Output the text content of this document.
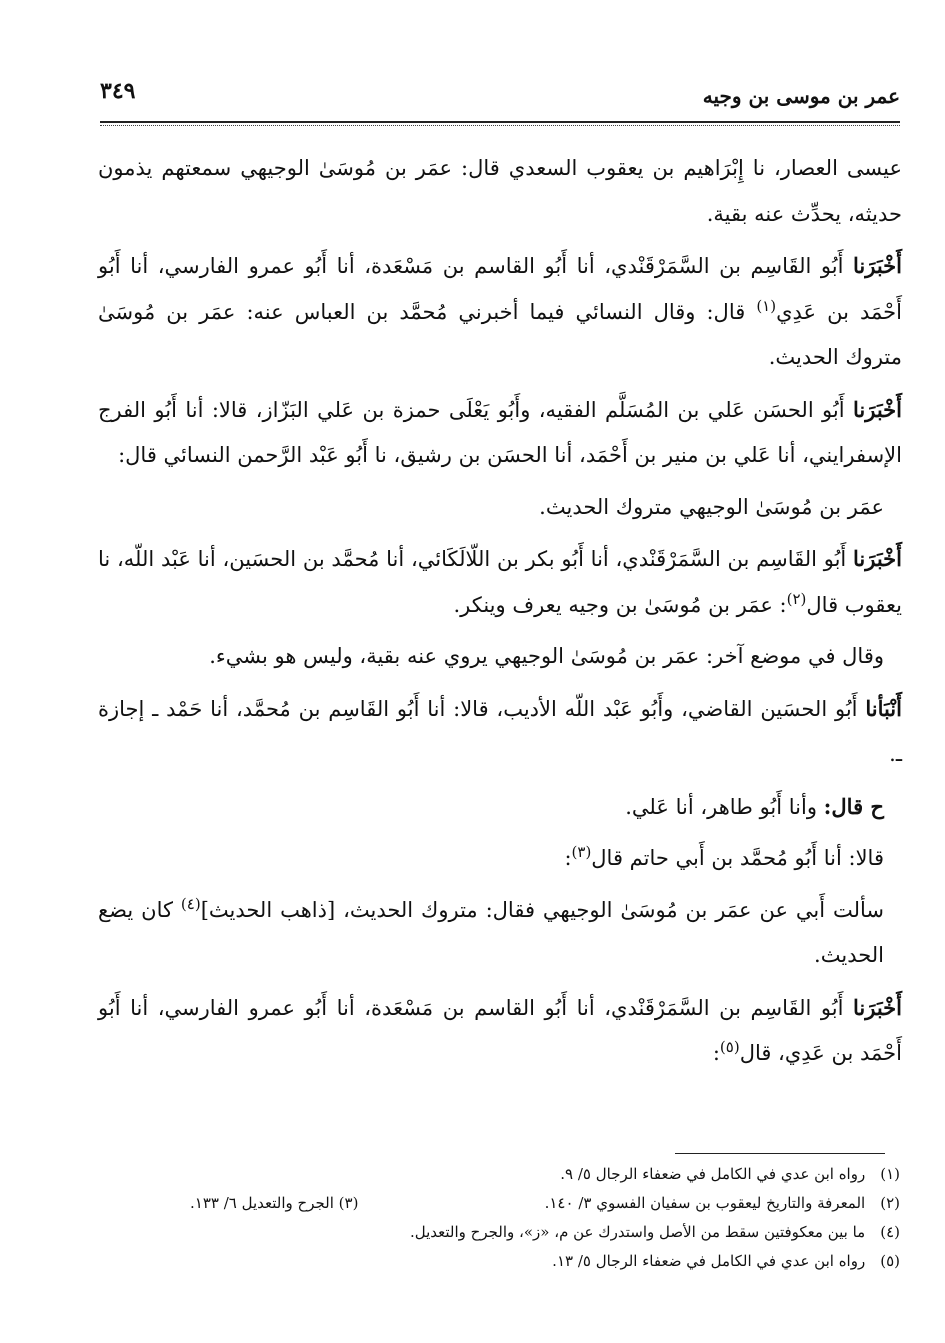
عمر بن موسى بن وجيه
٣٤٩

عيسى العصار، نا إِبْرَاهيم بن يعقوب السعدي قال: عمَر بن مُوسَىٰ الوجيهي سمعتهم يذمون حديثه، يحدِّث عنه بقية.

أَخْبَرَنا أَبُو القَاسِم بن السَّمَرْقَنْدي، أنا أَبُو القاسم بن مَسْعَدة، أنا أَبُو عمرو الفارسي، أنا أَبُو أَحْمَد بن عَدِي$^{(١)}$ قال: وقال النسائي فيما أخبرني مُحمَّد بن العباس عنه: عمَر بن مُوسَىٰ متروك الحديث.

أَخْبَرَنا أَبُو الحسَن عَلي بن المُسَلَّم الفقيه، وأَبُو يَعْلَى حمزة بن عَلي البَزّاز، قالا: أنا أَبُو الفرج الإسفرايني، أنا عَلي بن منير بن أَحْمَد، أنا الحسَن بن رشيق، نا أَبُو عَبْد الرَّحمن النسائي قال:

عمَر بن مُوسَىٰ الوجيهي متروك الحديث.

أَخْبَرَنا أَبُو القَاسِم بن السَّمَرْقَنْدي، أنا أَبُو بكر بن اللّالَكَائي، أنا مُحمَّد بن الحسَين، أنا عَبْد اللّه، نا يعقوب قال$^{(٢)}$: عمَر بن مُوسَىٰ بن وجيه يعرف وينكر.

وقال في موضع آخر: عمَر بن مُوسَىٰ الوجيهي يروي عنه بقية، وليس هو بشيء.

أَنْبَأنا أَبُو الحسَين القاضي، وأَبُو عَبْد اللّه الأديب، قالا: أنا أَبُو القَاسِم بن مُحمَّد، أنا حَمْد ـ إجازة ـ.

ح قال: وأنا أَبُو طاهر، أنا عَلي.

قالا: أنا أَبُو مُحمَّد بن أَبي حاتم قال$^{(٣)}$:

سألت أَبي عن عمَر بن مُوسَىٰ الوجيهي فقال: متروك الحديث، [ذاهب الحديث]$^{(٤)}$ كان يضع الحديث.

أَخْبَرَنا أَبُو القَاسِم بن السَّمَرْقَنْدي، أنا أَبُو القاسم بن مَسْعَدة، أنا أَبُو عمرو الفارسي، أنا أَبُو أَحْمَد بن عَدِي، قال$^{(٥)}$:

(١) رواه ابن عدي في الكامل في ضعفاء الرجال ٥/ ٩.
(٢) المعرفة والتاريخ ليعقوب بن سفيان الفسوي ٣/ ١٤٠.
(٣) الجرح والتعديل ٦/ ١٣٣.
(٤) ما بين معكوفتين سقط من الأصل واستدرك عن م، «ز»، والجرح والتعديل.
(٥) رواه ابن عدي في الكامل في ضعفاء الرجال ٥/ ١٣.
